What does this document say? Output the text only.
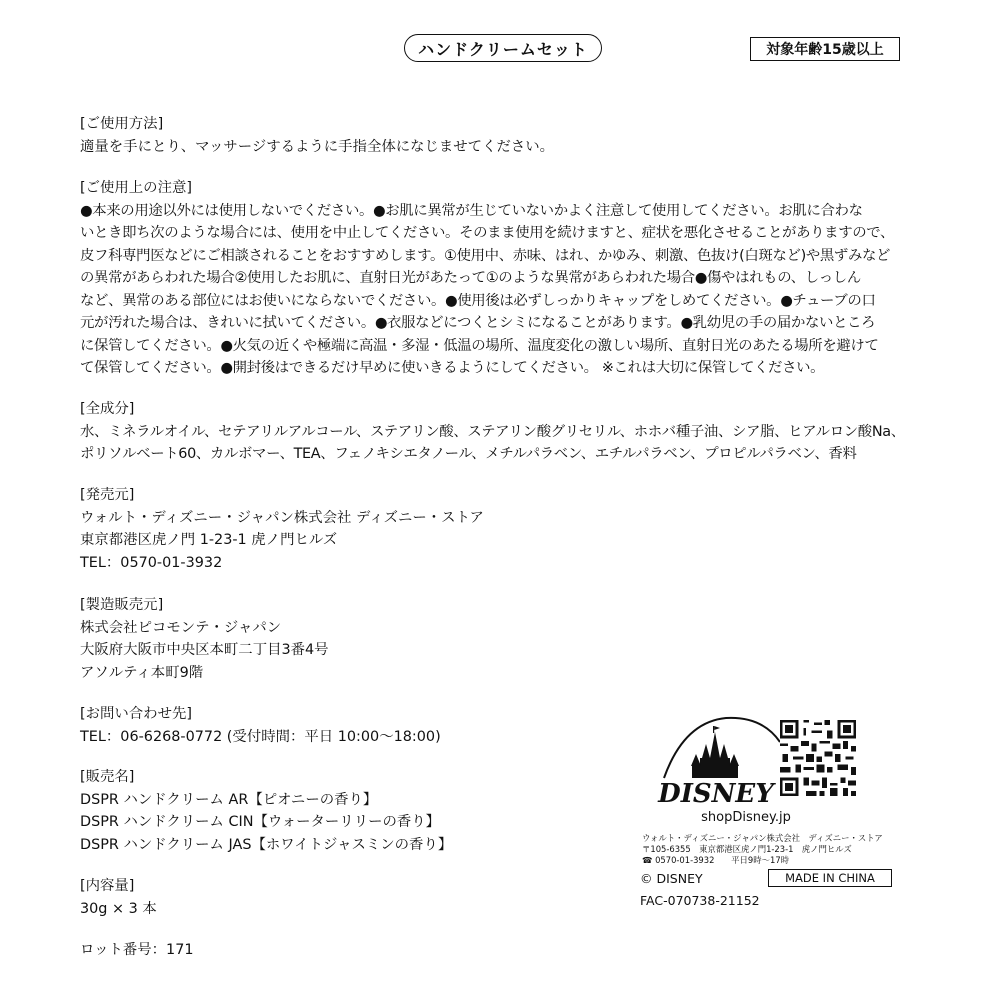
ハンドクリームセット	対象年齢15歳以上
[ご使用方法]
適量を手にとり、マッサージするように手指全体になじませてください。
[ご使用上の注意]
●本来の用途以外には使用しないでください。●お肌に異常が生じていないかよく注意して使用してください。お肌に合わな
いとき即ち次のような場合には、使用を中止してください。そのまま使用を続けますと、症状を悪化させることがありますので、
皮フ科専門医などにご相談されることをおすすめします。①使用中、赤味、はれ、かゆみ、刺激、色抜け(白斑など)や黒ずみなど
の異常があらわれた場合②使用したお肌に、直射日光があたって①のような異常があらわれた場合●傷やはれもの、しっしん
など、異常のある部位にはお使いにならないでください。●使用後は必ずしっかりキャップをしめてください。●チューブの口
元が汚れた場合は、きれいに拭いてください。●衣服などにつくとシミになることがあります。●乳幼児の手の届かないところ
に保管してください。●火気の近くや極端に高温・多湿・低温の場所、温度変化の激しい場所、直射日光のあたる場所を避けて
て保管してください。●開封後はできるだけ早めに使いきるようにしてください。 ※これは大切に保管してください。
[全成分]
水、ミネラルオイル、セテアリルアルコール、ステアリン酸、ステアリン酸グリセリル、ホホバ種子油、シア脂、ヒアルロン酸Na、
ポリソルベート60、カルボマー、TEA、フェノキシエタノール、メチルパラベン、エチルパラベン、プロピルパラベン、香料
[発売元]
ウォルト・ディズニー・ジャパン株式会社 ディズニー・ストア
東京都港区虎ノ門 1-23-1 虎ノ門ヒルズ
TEL：0570-01-3932
[製造販売元]
株式会社ピコモンテ・ジャパン
大阪府大阪市中央区本町二丁目3番4号
アソルティ本町9階
[お問い合わせ先]
TEL：06-6268-0772 (受付時間：平日 10:00〜18:00)
[販売名]
DSPR ハンドクリーム AR【ピオニーの香り】
DSPR ハンドクリーム CIN【ウォーターリリーの香り】
DSPR ハンドクリーム JAS【ホワイトジャスミンの香り】
[内容量]
30g × 3 本
ロット番号：171
DISNEY
shopDisney.jp
ウォルト・ディズニー・ジャパン株式会社　ディズニー・ストア
〒105-6355　東京都港区虎ノ門1-23-1　虎ノ門ヒルズ
☎ 0570-01-3932　　平日9時〜17時
© DISNEY	MADE IN CHINA
FAC-070738-21152
